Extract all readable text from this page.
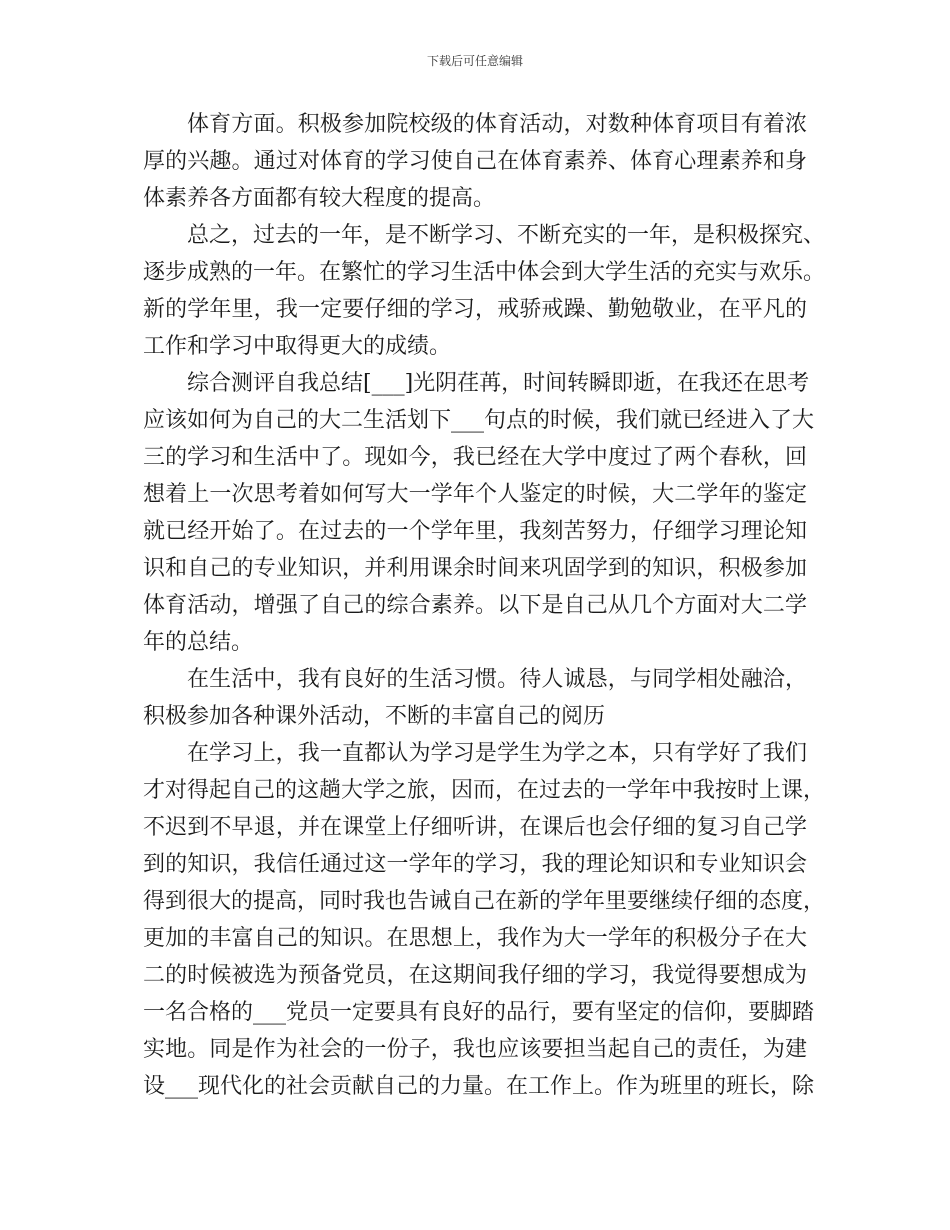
下载后可任意编辑
体育方面。积极参加院校级的体育活动，对数种体育项目有着浓
厚的兴趣。通过对体育的学习使自己在体育素养、体育心理素养和身
体素养各方面都有较大程度的提高。
总之，过去的一年，是不断学习、不断充实的一年，是积极探究、
逐步成熟的一年。在繁忙的学习生活中体会到大学生活的充实与欢乐。
新的学年里，我一定要仔细的学习，戒骄戒躁、勤勉敬业，在平凡的
工作和学习中取得更大的成绩。
综合测评自我总结[___]光阴荏苒，时间转瞬即逝，在我还在思考
应该如何为自己的大二生活划下___句点的时候，我们就已经进入了大
三的学习和生活中了。现如今，我已经在大学中度过了两个春秋，回
想着上一次思考着如何写大一学年个人鉴定的时候，大二学年的鉴定
就已经开始了。在过去的一个学年里，我刻苦努力，仔细学习理论知
识和自己的专业知识，并利用课余时间来巩固学到的知识，积极参加
体育活动，增强了自己的综合素养。以下是自己从几个方面对大二学
年的总结。
在生活中，我有良好的生活习惯。待人诚恳，与同学相处融洽，
积极参加各种课外活动，不断的丰富自己的阅历
在学习上，我一直都认为学习是学生为学之本，只有学好了我们
才对得起自己的这趟大学之旅，因而，在过去的一学年中我按时上课，
不迟到不早退，并在课堂上仔细听讲，在课后也会仔细的复习自己学
到的知识，我信任通过这一学年的学习，我的理论知识和专业知识会
得到很大的提高，同时我也告诫自己在新的学年里要继续仔细的态度，
更加的丰富自己的知识。在思想上，我作为大一学年的积极分子在大
二的时候被选为预备党员，在这期间我仔细的学习，我觉得要想成为
一名合格的___党员一定要具有良好的品行，要有坚定的信仰，要脚踏
实地。同是作为社会的一份子，我也应该要担当起自己的责任，为建
设___现代化的社会贡献自己的力量。在工作上。作为班里的班长，除
